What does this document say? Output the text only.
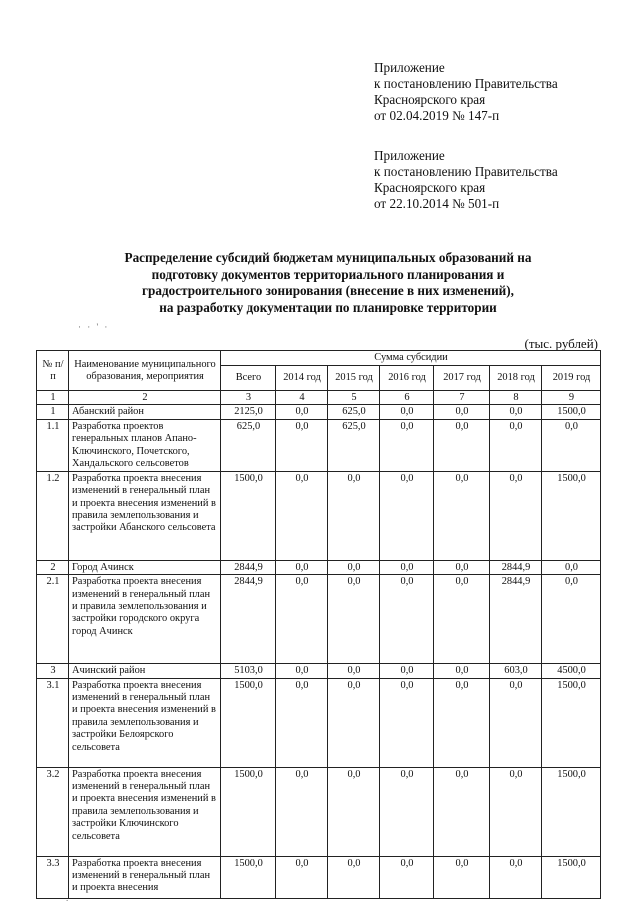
Приложение
к постановлению Правительства
Красноярского края
от 02.04.2019 № 147-п
Приложение
к постановлению Правительства
Красноярского края
от 22.10.2014 № 501-п
Распределение субсидий бюджетам муниципальных образований на
подготовку документов территориального планирования и
градостроительного зонирования (внесение в них изменений),
на разработку документации по планировке территории
· · ' ·
(тыс. рублей)
№ п/п	Наименование муниципального образования, мероприятия	Сумма субсидии						
		Всего	2014 год	2015 год	2016 год	2017 год	2018 год	2019 год
1	2	3	4	5	6	7	8	9
1	Абанский район	2125,0	0,0	625,0	0,0	0,0	0,0	1500,0
1.1	Разработка проектов генеральных планов Апано-Ключинского, Почетского, Хандальского сельсоветов	625,0	0,0	625,0	0,0	0,0	0,0	0,0
1.2	Разработка проекта внесения изменений в генеральный план и проекта внесения изменений в правила землепользования и застройки Абанского сельсовета	1500,0	0,0	0,0	0,0	0,0	0,0	1500,0
2	Город Ачинск	2844,9	0,0	0,0	0,0	0,0	2844,9	0,0
2.1	Разработка проекта внесения изменений в генеральный план и правила землепользования и застройки городского округа город Ачинск	2844,9	0,0	0,0	0,0	0,0	2844,9	0,0
3	Ачинский район	5103,0	0,0	0,0	0,0	0,0	603,0	4500,0
3.1	Разработка проекта внесения изменений в генеральный план и проекта внесения изменений в правила землепользования и застройки Белоярского сельсовета	1500,0	0,0	0,0	0,0	0,0	0,0	1500,0
3.2	Разработка проекта внесения изменений в генеральный план и проекта внесения изменений в правила землепользования и застройки Ключинского сельсовета	1500,0	0,0	0,0	0,0	0,0	0,0	1500,0
3.3	Разработка проекта внесения изменений в генеральный план и проекта внесения	1500,0	0,0	0,0	0,0	0,0	0,0	1500,0
.
